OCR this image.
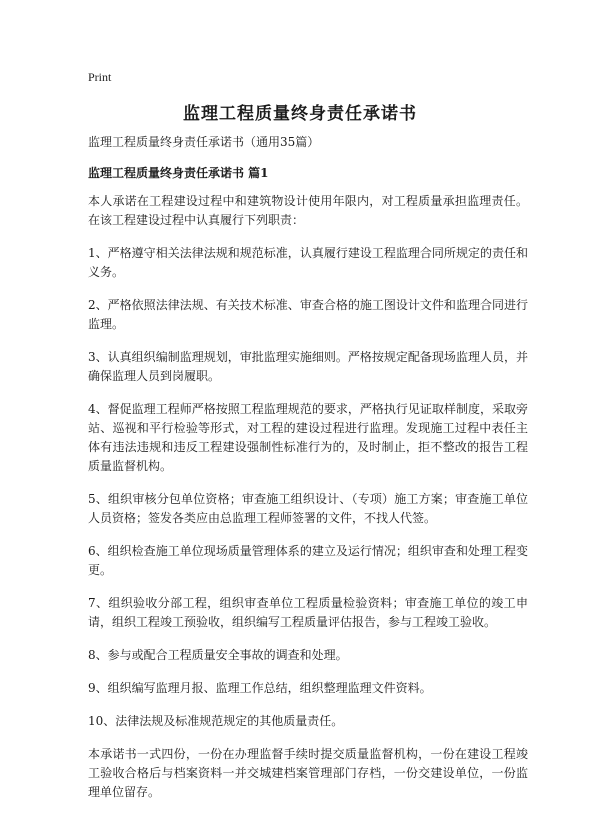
Print
监理工程质量终身责任承诺书

监理工程质量终身责任承诺书（通用35篇）

监理工程质量终身责任承诺书 篇1

本人承诺在工程建设过程中和建筑物设计使用年限内，对工程质量承担监理责任。在该工程建设过程中认真履行下列职责：

1、严格遵守相关法律法规和规范标准，认真履行建设工程监理合同所规定的责任和义务。

2、严格依照法律法规、有关技术标准、审查合格的施工图设计文件和监理合同进行监理。

3、认真组织编制监理规划，审批监理实施细则。严格按规定配备现场监理人员，并确保监理人员到岗履职。

4、督促监理工程师严格按照工程监理规范的要求，严格执行见证取样制度，采取旁站、巡视和平行检验等形式，对工程的建设过程进行监理。发现施工过程中表任主体有违法违规和违反工程建设强制性标准行为的，及时制止，拒不整改的报告工程质量监督机构。

5、组织审核分包单位资格；审查施工组织设计、（专项）施工方案；审查施工单位人员资格；签发各类应由总监理工程师签署的文件，不找人代签。

6、组织检查施工单位现场质量管理体系的建立及运行情况；组织审查和处理工程变更。

7、组织验收分部工程，组织审查单位工程质量检验资料；审查施工单位的竣工申请，组织工程竣工预验收，组织编写工程质量评估报告，参与工程竣工验收。

8、参与或配合工程质量安全事故的调查和处理。

9、组织编写监理月报、监理工作总结，组织整理监理文件资料。

10、法律法规及标准规范规定的其他质量责任。

本承诺书一式四份，一份在办理监督手续时提交质量监督机构，一份在建设工程竣工验收合格后与档案资料一并交城建档案管理部门存档，一份交建设单位，一份监理单位留存。
